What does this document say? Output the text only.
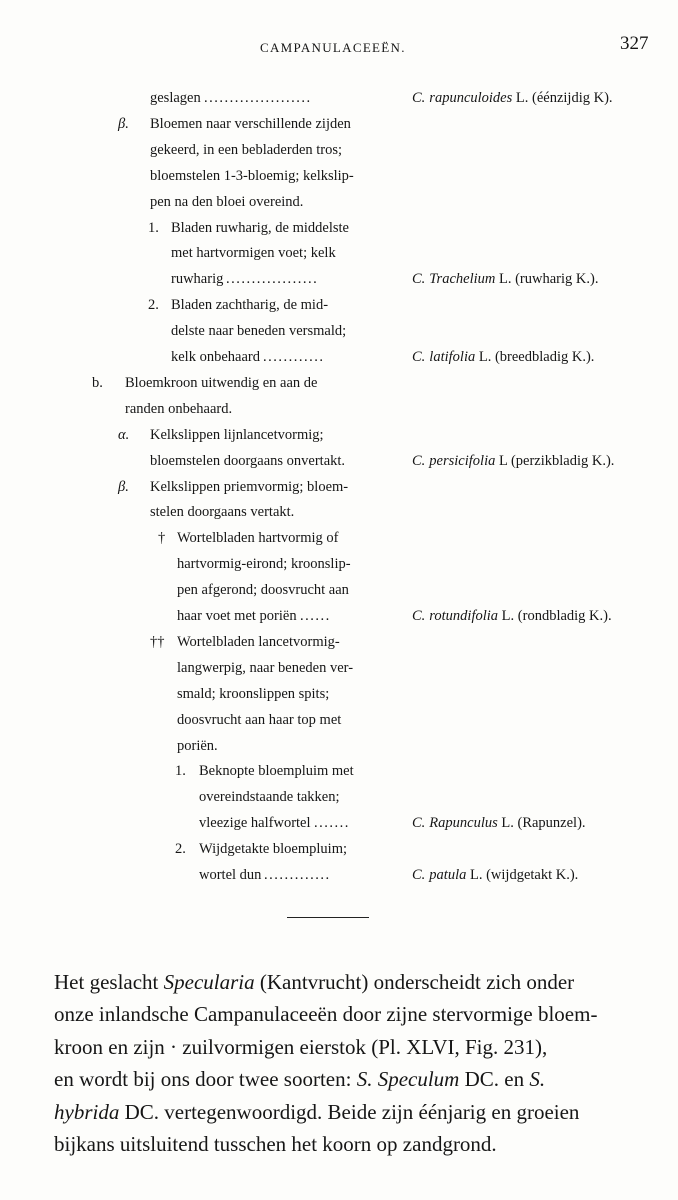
CAMPANULACEEËN.	327
geslagen .....................	C. rapunculoides L. (éénzijdig K).
β. Bloemen naar verschillende zijden
gekeerd, in een bebladerden tros;
bloemstelen 1-3-bloemig; kelkslip-
pen na den bloei overeind.
1. Bladen ruwharig, de middelste
met hartvormigen voet; kelk
ruwharig ..................	C. Trachelium L. (ruwharig K.).
2. Bladen zachtharig, de mid-
delste naar beneden versmald;
kelk onbehaard ............	C. latifolia L. (breedbladig K.).
b. Bloemkroon uitwendig en aan de
randen onbehaard.
α. Kelkslippen lijnlancetvormig;
bloemstelen doorgaans onvertakt.	C. persicifolia L (perzikbladig K.).
β. Kelkslippen priemvormig; bloem-
stelen doorgaans vertakt.
† Wortelbladen hartvormig of
hartvormig-eirond; kroonslip-
pen afgerond; doosvrucht aan
haar voet met poriën ......	C. rotundifolia L. (rondbladig K.).
†† Wortelbladen lancetvormig-
langwerpig, naar beneden ver-
smald; kroonslippen spits;
doosvrucht aan haar top met
poriën.
1. Beknopte bloempluim met
overeindstaande takken;
vleezige halfwortel .......	C. Rapunculus L. (Rapunzel).
2. Wijdgetakte bloempluim;
wortel dun .............	C. patula L. (wijdgetakt K.).
Het geslacht Specularia (Kantvrucht) onderscheidt zich onder
onze inlandsche Campanulaceeën door zijne stervormige bloem-
kroon en zijn · zuilvormigen eierstok (Pl. XLVI, Fig. 231),
en wordt bij ons door twee soorten: S. Speculum DC. en S.
hybrida DC. vertegenwoordigd. Beide zijn éénjarig en groeien
bijkans uitsluitend tusschen het koorn op zandgrond.
